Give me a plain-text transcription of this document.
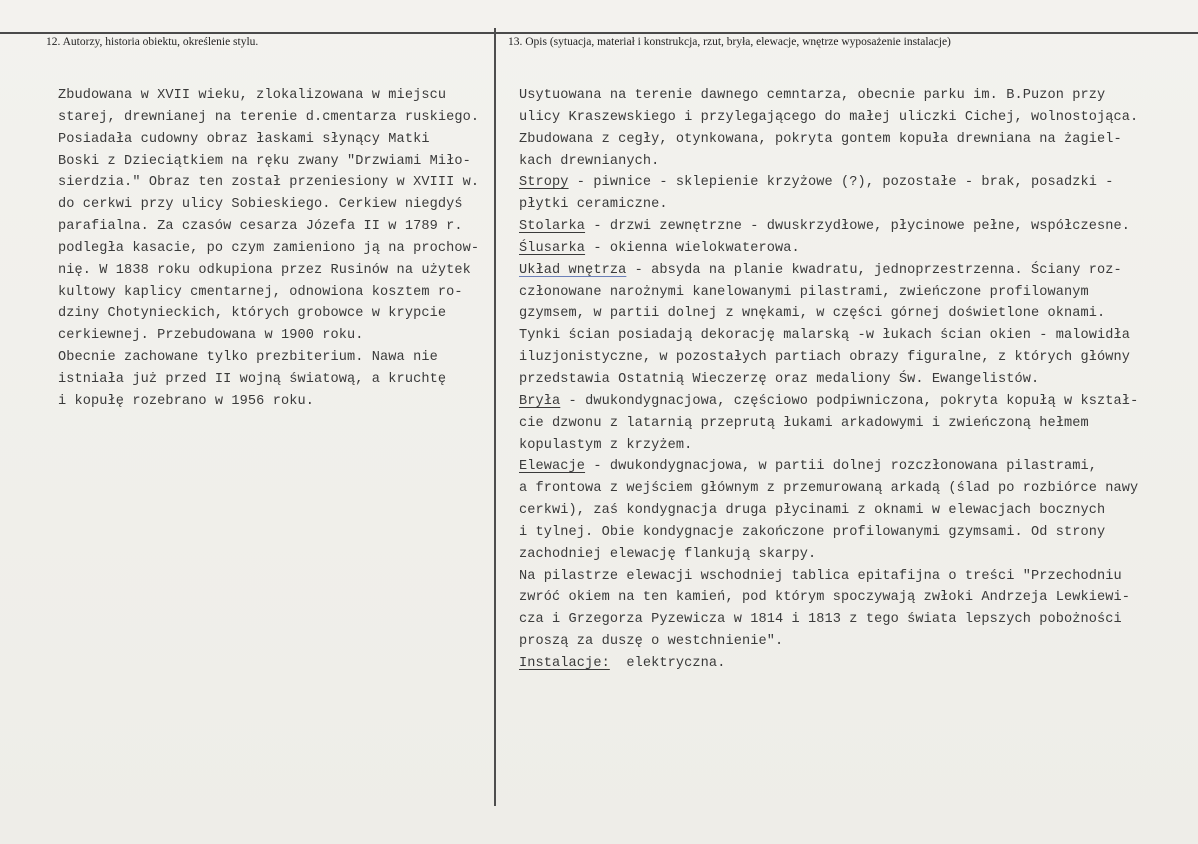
12. Autorzy, historia obiektu, określenie stylu.	13. Opis (sytuacja, materiał i konstrukcja, rzut, bryła, elewacje, wnętrze wyposażenie instalacje)
Zbudowana w XVII wieku, zlokalizowana w miejscu
starej, drewnianej na terenie d.cmentarza ruskiego.
Posiadała cudowny obraz łaskami słynący Matki
Boski z Dzieciątkiem na ręku zwany "Drzwiami Miło-
sierdzia." Obraz ten został przeniesiony w XVIII w.
do cerkwi przy ulicy Sobieskiego. Cerkiew niegdyś
parafialna. Za czasów cesarza Józefa II w 1789 r.
podległa kasacie, po czym zamieniono ją na prochow-
nię. W 1838 roku odkupiona przez Rusinów na użytek
kultowy kaplicy cmentarnej, odnowiona kosztem ro-
dziny Chotynieckich, których grobowce w krypcie
cerkiewnej. Przebudowana w 1900 roku.
Obecnie zachowane tylko prezbiterium. Nawa nie
istniała już przed II wojną światową, a kruchtę
i kopułę rozebrano w 1956 roku.
Usytuowana na terenie dawnego cemntarza, obecnie parku im. B.Puzon przy
ulicy Kraszewskiego i przylegającego do małej uliczki Cichej, wolnostojąca.
Zbudowana z cegły, otynkowana, pokryta gontem kopuła drewniana na żagiel-
kach drewnianych.
Stropy - piwnice - sklepienie krzyżowe (?), pozostałe - brak, posadzki -
płytki ceramiczne.
Stolarka - drzwi zewnętrzne - dwuskrzydłowe, płycinowe pełne, współczesne.
Ślusarka - okienna wielokwaterowa.
Układ wnętrza - absyda na planie kwadratu, jednoprzestrzenna. Ściany roz-
członowane narożnymi kanelowanymi pilastrami, zwieńczone profilowanym
gzymsem, w partii dolnej z wnękami, w części górnej doświetlone oknami.
Tynki ścian posiadają dekorację malarską -w łukach ścian okien - malowidła
iluzjonistyczne, w pozostałych partiach obrazy figuralne, z których główny
przedstawia Ostatnią Wieczerzę oraz medaliony Św. Ewangelistów.
Bryła - dwukondygnacjowa, częściowo podpiwniczona, pokryta kopułą w kształ-
cie dzwonu z latarnią przeprutą łukami arkadowymi i zwieńczoną hełmem
kopulastym z krzyżem.
Elewacje - dwukondygnacjowa, w partii dolnej rozczłonowana pilastrami,
a frontowa z wejściem głównym z przemurowaną arkadą (ślad po rozbiórce nawy
cerkwi), zaś kondygnacja druga płycinami z oknami w elewacjach bocznych
i tylnej. Obie kondygnacje zakończone profilowanymi gzymsami. Od strony
zachodniej elewację flankują skarpy.
Na pilastrze elewacji wschodniej tablica epitafijna o treści "Przechodniu
zwróć okiem na ten kamień, pod którym spoczywają zwłoki Andrzeja Lewkiewi-
cza i Grzegorza Pyzewicza w 1814 i 1813 z tego świata lepszych pobożności
proszą za duszę o westchnienie".
Instalacje:  elektryczna.
